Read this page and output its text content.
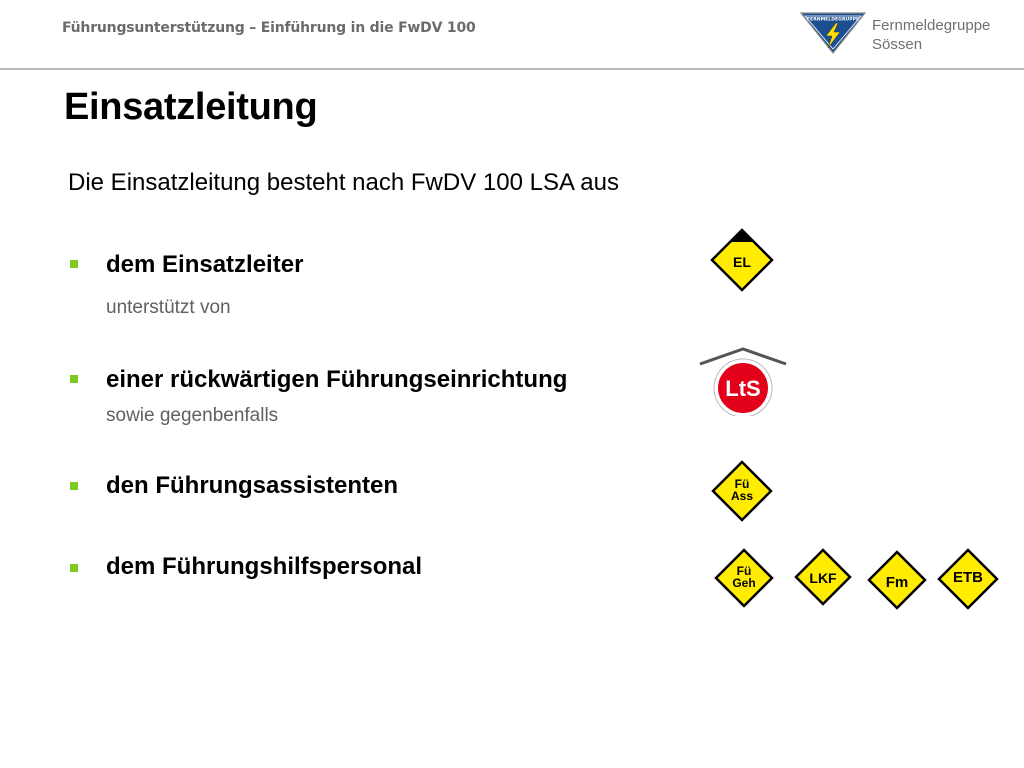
Führungsunterstützung – Einführung in die FwDV 100	FERNMELDEGRUPPE Fernmeldegruppe
Sössen
Einsatzleitung
Die Einsatzleitung besteht nach FwDV 100 LSA aus
dem Einsatzleiter
unterstützt von
einer rückwärtigen Führungseinrichtung
sowie gegenbenfalls
den Führungsassistenten
dem Führungshilfspersonal
EL
LtS
Fü
Ass
Fü
Geh	LKF	Fm	ETB
